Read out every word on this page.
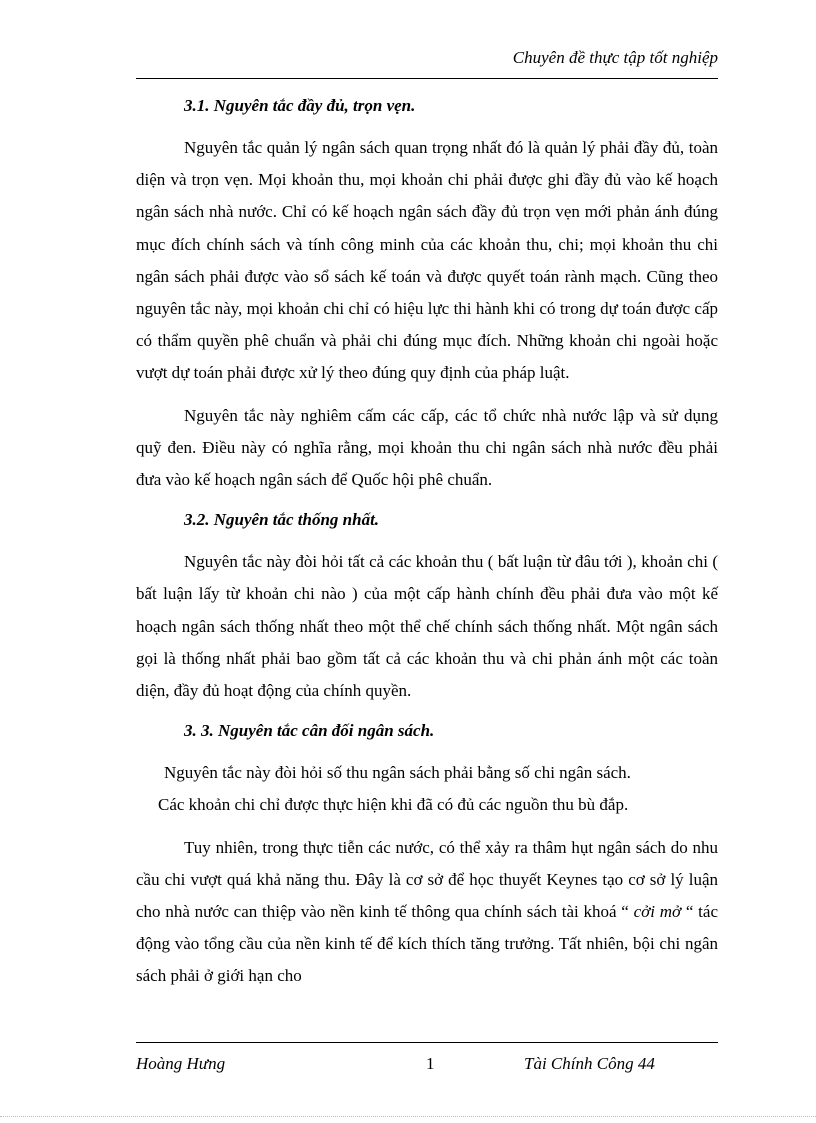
Chuyên đề thực tập tốt nghiệp
3.1. Nguyên tắc đầy đủ, trọn vẹn.

Nguyên tắc quản lý ngân sách quan trọng nhất đó là quản lý phải đầy đủ, toàn diện và trọn vẹn. Mọi khoản thu, mọi khoản chi phải được ghi đầy đủ vào kế hoạch ngân sách nhà nước. Chỉ có kế hoạch ngân sách đầy đủ trọn vẹn mới phản ánh đúng mục đích chính sách và tính công minh của các khoản thu, chi; mọi khoản thu chi ngân sách phải được vào sổ sách kế toán và được quyết toán rành mạch. Cũng theo nguyên tắc này, mọi khoản chi chỉ có hiệu lực thi hành khi có trong dự toán được cấp có thẩm quyền phê chuẩn và phải chi đúng mục đích. Những khoản chi ngoài hoặc vượt dự toán phải được xử lý theo đúng quy định của pháp luật.

Nguyên tắc này nghiêm cấm các cấp, các tổ chức nhà nước lập và sử dụng quỹ đen. Điều này có nghĩa rằng, mọi khoản thu chi ngân sách nhà nước đều phải đưa vào kế hoạch ngân sách để Quốc hội phê chuẩn.

3.2. Nguyên tắc thống nhất.

Nguyên tắc này đòi hỏi tất cả các khoản thu ( bất luận từ đâu tới ), khoản chi ( bất luận lấy từ khoản chi nào ) của một cấp hành chính đều phải đưa vào một kế hoạch ngân sách thống nhất theo một thể chế chính sách thống nhất. Một ngân sách gọi là thống nhất phải bao gồm tất cả các khoản thu và chi phản ánh một các toàn diện, đầy đủ hoạt động của chính quyền.

3. 3. Nguyên tắc cân đối ngân sách.
Nguyên tắc này đòi hỏi số thu ngân sách phải bằng số chi ngân sách.
Các khoản chi chỉ được thực hiện khi đã có đủ các nguồn thu bù đắp.

Tuy nhiên, trong thực tiễn các nước, có thể xảy ra thâm hụt ngân sách do nhu cầu chi vượt quá khả năng thu. Đây là cơ sở để học thuyết Keynes tạo cơ sở lý luận cho nhà nước can thiệp vào nền kinh tế thông qua chính sách tài khoá “ cởi mở “ tác động vào tổng cầu của nền kinh tế để kích thích tăng trưởng. Tất nhiên, bội chi ngân sách phải ở giới hạn cho

Hoàng Hưng	1	Tài Chính Công 44
